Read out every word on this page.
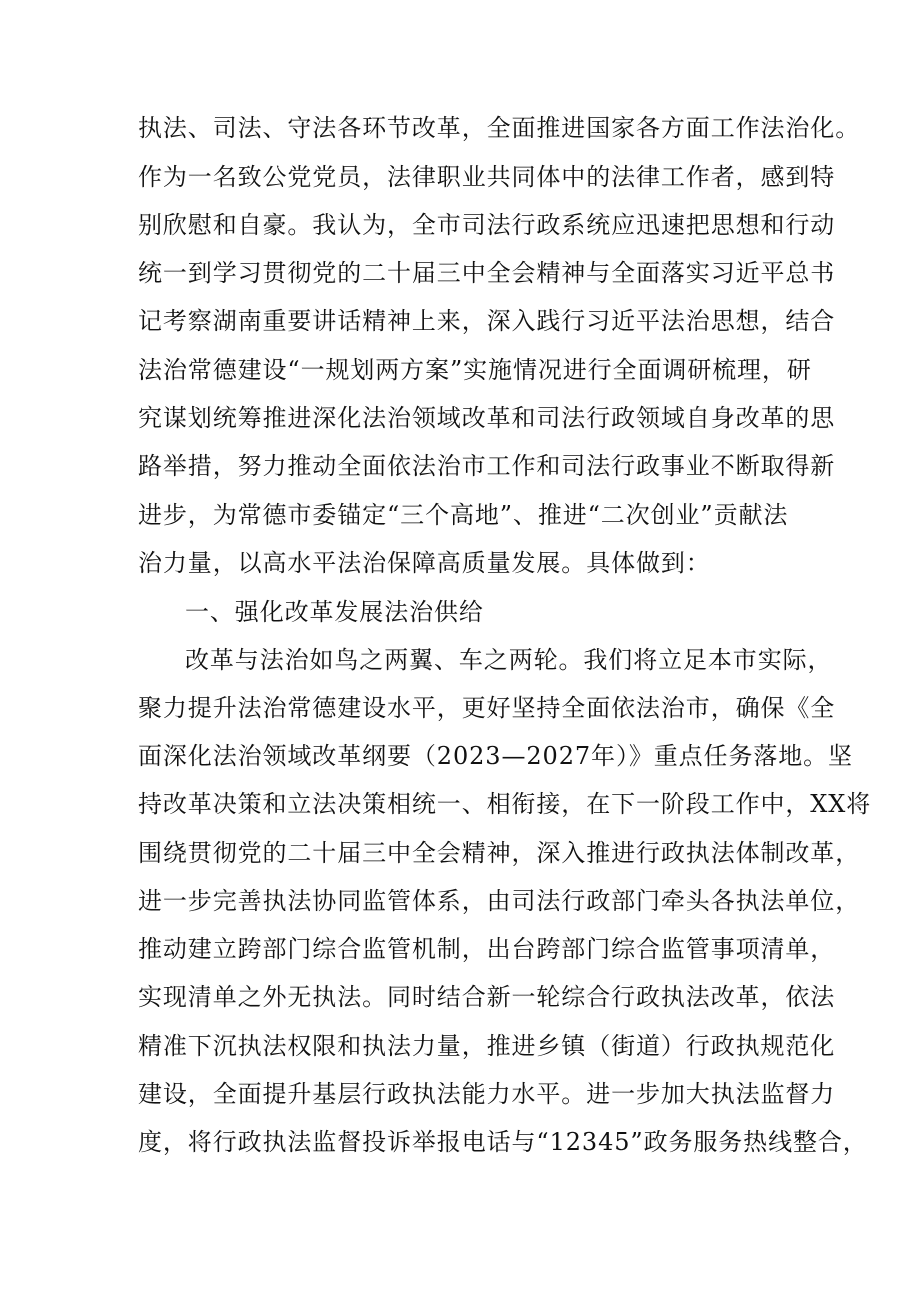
执法、司法、守法各环节改革，全面推进国家各方面工作法治化。
作为一名致公党党员，法律职业共同体中的法律工作者，感到特
别欣慰和自豪。我认为，全市司法行政系统应迅速把思想和行动
统一到学习贯彻党的二十届三中全会精神与全面落实习近平总书
记考察湖南重要讲话精神上来，深入践行习近平法治思想，结合
法治常德建设“一规划两方案”实施情况进行全面调研梳理，研
究谋划统筹推进深化法治领域改革和司法行政领域自身改革的思
路举措，努力推动全面依法治市工作和司法行政事业不断取得新
进步，为常德市委锚定“三个高地”、推进“二次创业”贡献法
治力量，以高水平法治保障高质量发展。具体做到：
一、强化改革发展法治供给
改革与法治如鸟之两翼、车之两轮。我们将立足本市实际，
聚力提升法治常德建设水平，更好坚持全面依法治市，确保《全
面深化法治领域改革纲要（2023—2027年）》重点任务落地。坚
持改革决策和立法决策相统一、相衔接，在下一阶段工作中，XX将
围绕贯彻党的二十届三中全会精神，深入推进行政执法体制改革，
进一步完善执法协同监管体系，由司法行政部门牵头各执法单位，
推动建立跨部门综合监管机制，出台跨部门综合监管事项清单，
实现清单之外无执法。同时结合新一轮综合行政执法改革，依法
精准下沉执法权限和执法力量，推进乡镇（街道）行政执规范化
建设，全面提升基层行政执法能力水平。进一步加大执法监督力
度，将行政执法监督投诉举报电话与“12345”政务服务热线整合，
